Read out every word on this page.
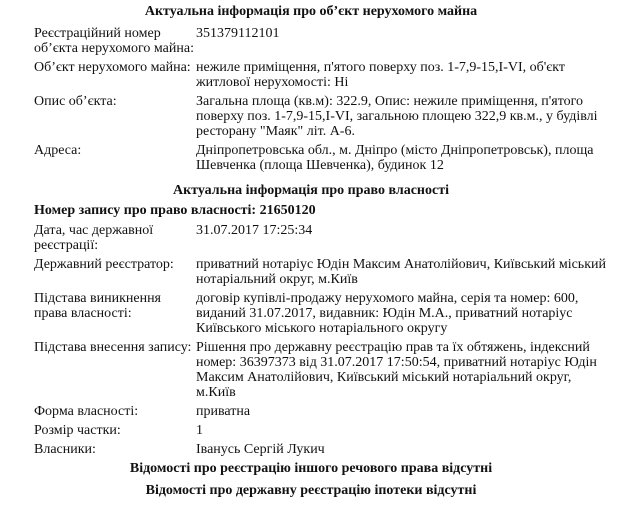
Актуальна інформація про об’єкт нерухомого майна
Реєстраційний номер об’єкта нерухомого майна:
351379112101
Об’єкт нерухомого майна: нежиле приміщення, п'ятого поверху поз. 1-7,9-15,I-VI, об'єкт житлової нерухомості: Ні
Опис об’єкта:	Загальна площа (кв.м): 322.9, Опис: нежиле приміщення, п'ятого поверху поз. 1-7,9-15,I-VI, загальною площею 322,9 кв.м., у будівлі ресторану "Маяк" літ. А-6.
Адреса:	Дніпропетровська обл., м. Дніпро (місто Дніпропетровськ), площа Шевченка (площа Шевченка), будинок 12
Актуальна інформація про право власності
Номер запису про право власності: 21650120
Дата, час державної реєстрації:
31.07.2017 17:25:34
Державний реєстратор:	приватний нотаріус Юдін Максим Анатолійович, Київський міський нотаріальний округ, м.Київ
Підстава виникнення права власності:
договір купівлі-продажу нерухомого майна, серія та номер: 600, виданий 31.07.2017, видавник: Юдін М.А., приватний нотаріус Київського міського нотаріального округу
Підстава внесення запису: Рішення про державну реєстрацію прав та їх обтяжень, індексний номер: 36397373 від 31.07.2017 17:50:54, приватний нотаріус Юдін Максим Анатолійович, Київський міський нотаріальний округ, м.Київ
Форма власності:	приватна
Розмір частки:	1
Власники:	Іванусь Сергій Лукич
Відомості про реєстрацію іншого речового права відсутні
Відомості про державну реєстрацію іпотеки відсутні
